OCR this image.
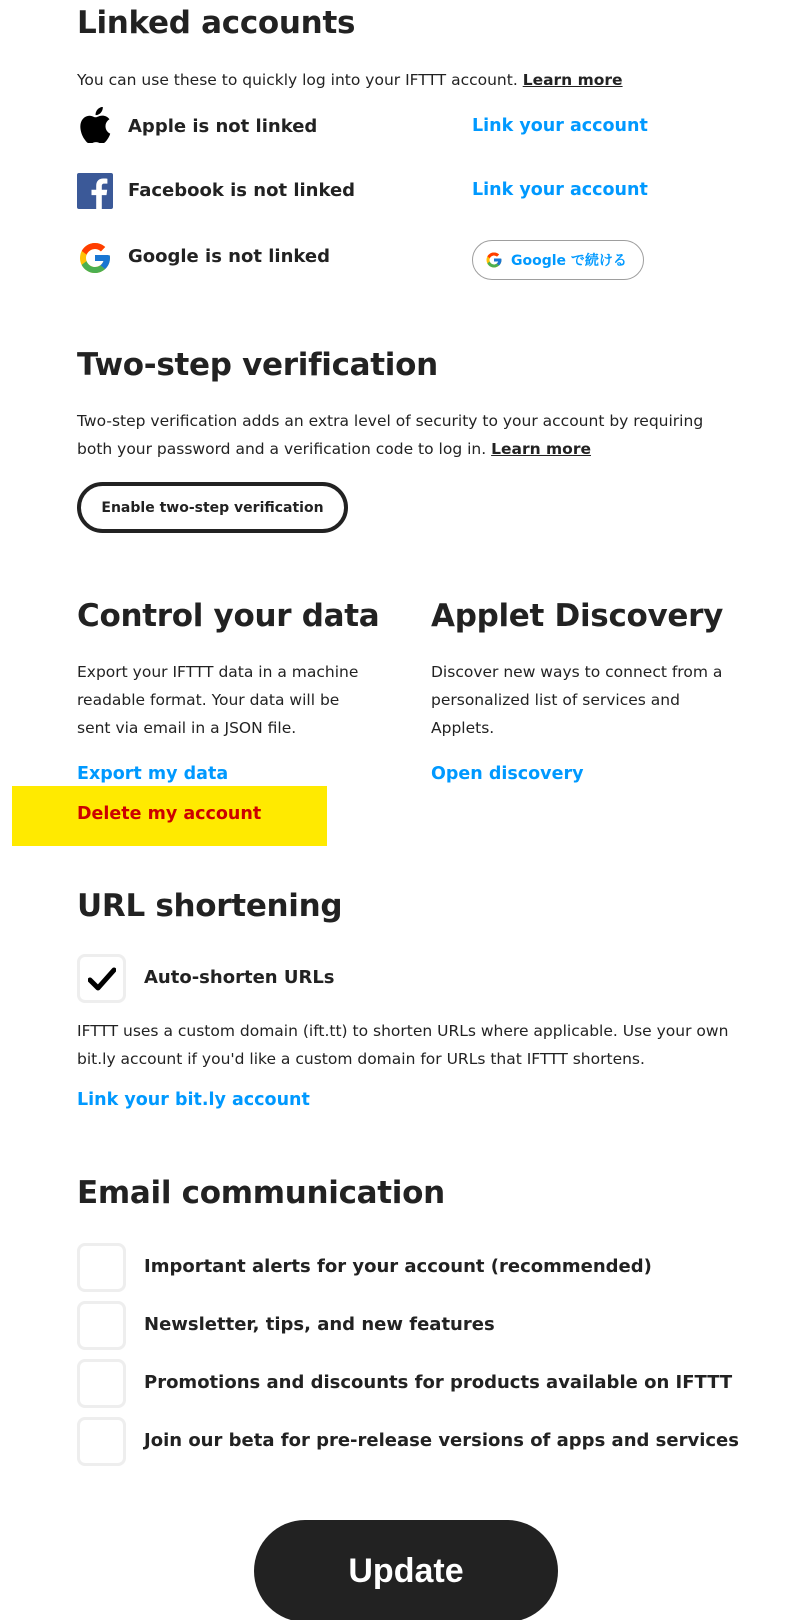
Linked accounts
You can use these to quickly log into your IFTTT account. Learn more
Apple is not linked	Link your account
Facebook is not linked	Link your account
Google is not linked	Google で続ける
Two-step verification
Two-step verification adds an extra level of security to your account by requiring both your password and a verification code to log in. Learn more
Enable two-step verification
Control your data
Export your IFTTT data in a machine readable format. Your data will be sent via email in a JSON file.
Export my data
Delete my account
Applet Discovery
Discover new ways to connect from a personalized list of services and Applets.
Open discovery
URL shortening
Auto-shorten URLs
IFTTT uses a custom domain (ift.tt) to shorten URLs where applicable. Use your own bit.ly account if you'd like a custom domain for URLs that IFTTT shortens.
Link your bit.ly account
Email communication
Important alerts for your account (recommended)
Newsletter, tips, and new features
Promotions and discounts for products available on IFTTT
Join our beta for pre-release versions of apps and services
Update
